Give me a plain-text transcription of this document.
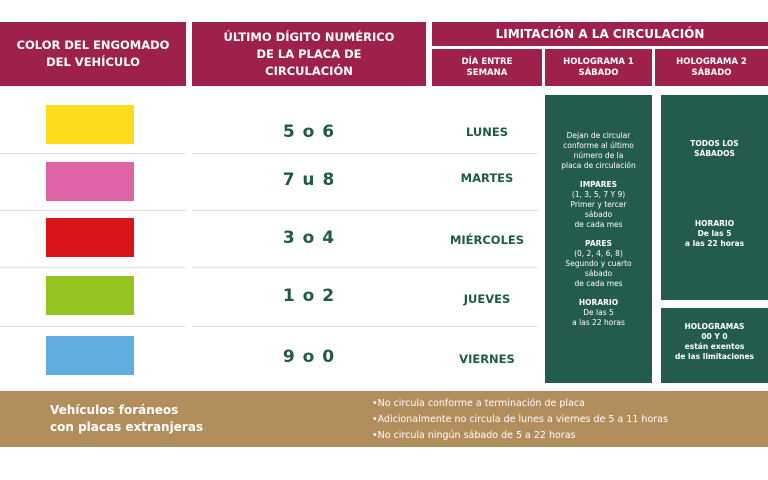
COLOR DEL ENGOMADO
DEL VEHÍCULO
ÚLTIMO DÍGITO NUMÉRICO
DE LA PLACA DE
CIRCULACIÓN
LIMITACIÓN A LA CIRCULACIÓN
DÍA ENTRE
SEMANA
HOLOGRAMA 1
SÁBADO
HOLOGRAMA 2
SÁBADO
5 o 6	LUNES
7 u 8	MARTES
3 o 4	MIÉRCOLES
1 o 2	JUEVES
9 o 0	VIERNES
Dejan de circular
conforme al último
número de la
placa de circulación
IMPARES
(1, 3, 5, 7 Y 9)
Primer y tercer
sábado
de cada mes
PARES
(0, 2, 4, 6, 8)
Segundo y cuarto
sábado
de cada mes
HORARIO
De las 5
a las 22 horas
TODOS LOS
SÁBADOS
HORARIO
De las 5
a las 22 horas
HOLOGRAMAS
00 Y 0
están exentos
de las limitaciones
Vehículos foráneos
con placas extranjeras
•No circula conforme a terminación de placa
•Adicionalmente no circula de lunes a viernes de 5 a 11 horas
•No circula ningún sábado de 5 a 22 horas
